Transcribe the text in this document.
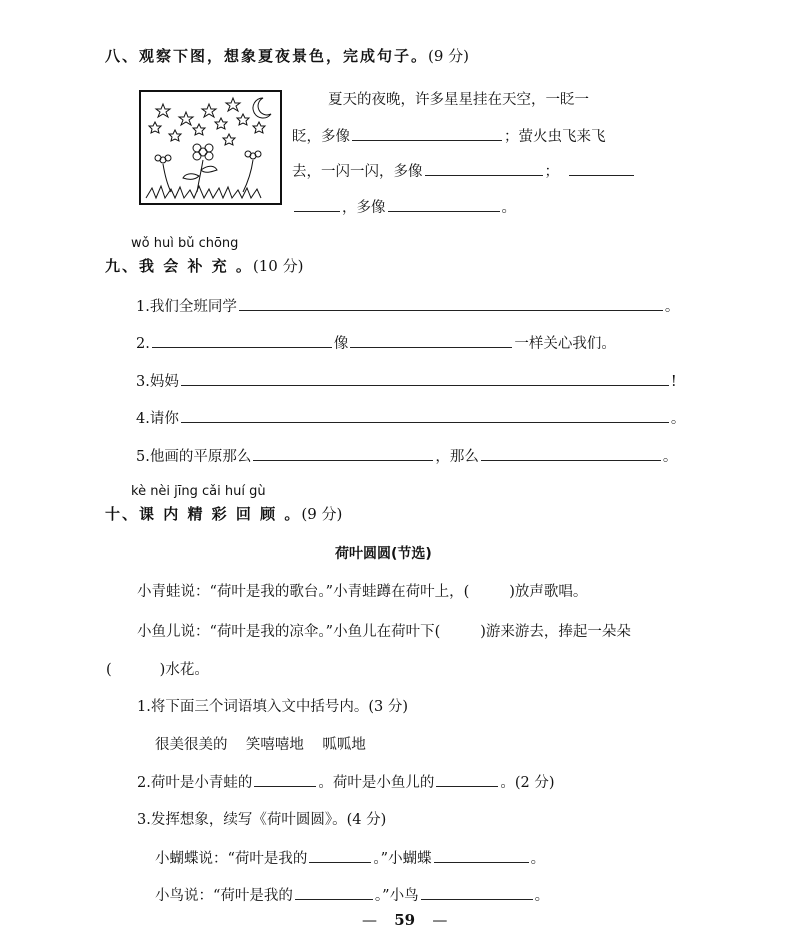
八、观察下图，想象夏夜景色，完成句子。(9 分)
夏天的夜晚，许多星星挂在天空，一眨一
眨，多像	；萤火虫飞来飞
去，一闪一闪，多像	；
，多像	。
wǒ huì bǔ chōng
九、我 会 补 充 。(10 分)
1.我们全班同学	。
2.	像	一样关心我们。
3.妈妈	!
4.请你	。
5.他画的平原那么	，那么	。
kè nèi jīng cǎi huí gù
十、课 内 精 彩 回 顾 。(9 分)
荷叶圆圆(节选)
小青蛙说：“荷叶是我的歌台。”小青蛙蹲在荷叶上，(	)放声歌唱。
小鱼儿说：“荷叶是我的凉伞。”小鱼儿在荷叶下(	)游来游去，捧起一朵朵
(	)水花。
1.将下面三个词语填入文中括号内。(3 分)
很美很美的    笑嘻嘻地    呱呱地
2.荷叶是小青蛙的	。荷叶是小鱼儿的	。(2 分)
3.发挥想象，续写《荷叶圆圆》。(4 分)
小蝴蝶说：“荷叶是我的	。”小蝴蝶	。
小鸟说：“荷叶是我的	。”小鸟	。
— 59 —
